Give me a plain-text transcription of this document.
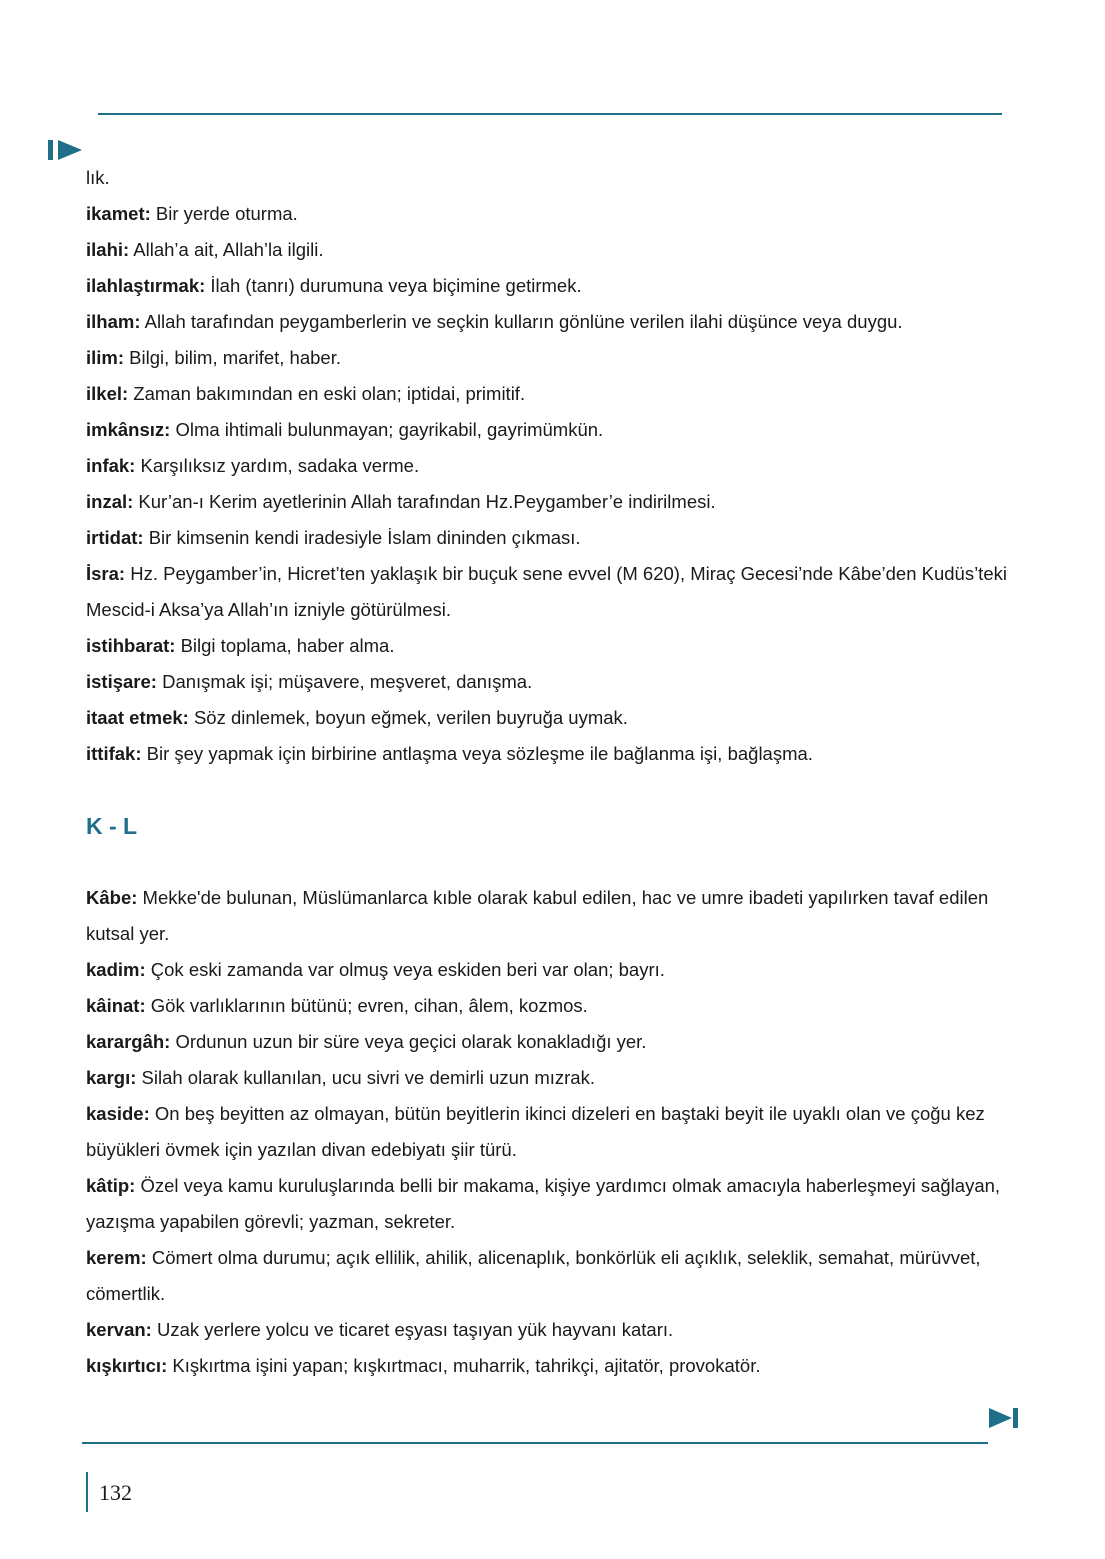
lık.

ikamet: Bir yerde oturma.

ilahi: Allah’a ait, Allah’la ilgili.

ilahlaştırmak: İlah (tanrı) durumuna veya biçimine getirmek.

ilham: Allah tarafından peygamberlerin ve seçkin kulların gönlüne verilen ilahi düşünce veya duygu.

ilim: Bilgi, bilim, marifet, haber.

ilkel: Zaman bakımından en eski olan; iptidai, primitif.

imkânsız: Olma ihtimali bulunmayan; gayrikabil, gayrimümkün.

infak: Karşılıksız yardım, sadaka verme.

inzal: Kur’an-ı Kerim ayetlerinin Allah tarafından Hz.Peygamber’e indirilmesi.

irtidat: Bir kimsenin kendi iradesiyle İslam dininden çıkması.

İsra: Hz. Peygamber’in, Hicret’ten yaklaşık bir buçuk sene evvel (M 620), Miraç Gecesi’nde Kâbe’den Kudüs’teki Mescid-i Aksa’ya Allah’ın izniyle götürülmesi.

istihbarat: Bilgi toplama, haber alma.

istişare: Danışmak işi; müşavere, meşveret, danışma.

itaat etmek: Söz dinlemek, boyun eğmek, verilen buyruğa uymak.

ittifak: Bir şey yapmak için birbirine antlaşma veya sözleşme ile bağlanma işi, bağlaşma.

K - L

Kâbe: Mekke'de bulunan, Müslümanlarca kıble olarak kabul edilen, hac ve umre ibadeti yapılırken tavaf edilen kutsal yer.

kadim: Çok eski zamanda var olmuş veya eskiden beri var olan; bayrı.

kâinat: Gök varlıklarının bütünü; evren, cihan, âlem, kozmos.

karargâh: Ordunun uzun bir süre veya geçici olarak konakladığı yer.

kargı: Silah olarak kullanılan, ucu sivri ve demirli uzun mızrak.

kaside: On beş beyitten az olmayan, bütün beyitlerin ikinci dizeleri en baştaki beyit ile uyaklı olan ve çoğu kez büyükleri övmek için yazılan divan edebiyatı şiir türü.

kâtip: Özel veya kamu kuruluşlarında belli bir makama, kişiye yardımcı olmak amacıyla haberleşmeyi sağlayan, yazışma yapabilen görevli; yazman, sekreter.

kerem: Cömert olma durumu; açık ellilik, ahilik, alicenaplık, bonkörlük eli açıklık, seleklik, semahat, mürüvvet, cömertlik.

kervan: Uzak yerlere yolcu ve ticaret eşyası taşıyan yük hayvanı katarı.

kışkırtıcı: Kışkırtma işini yapan; kışkırtmacı, muharrik, tahrikçi, ajitatör, provokatör.

132
